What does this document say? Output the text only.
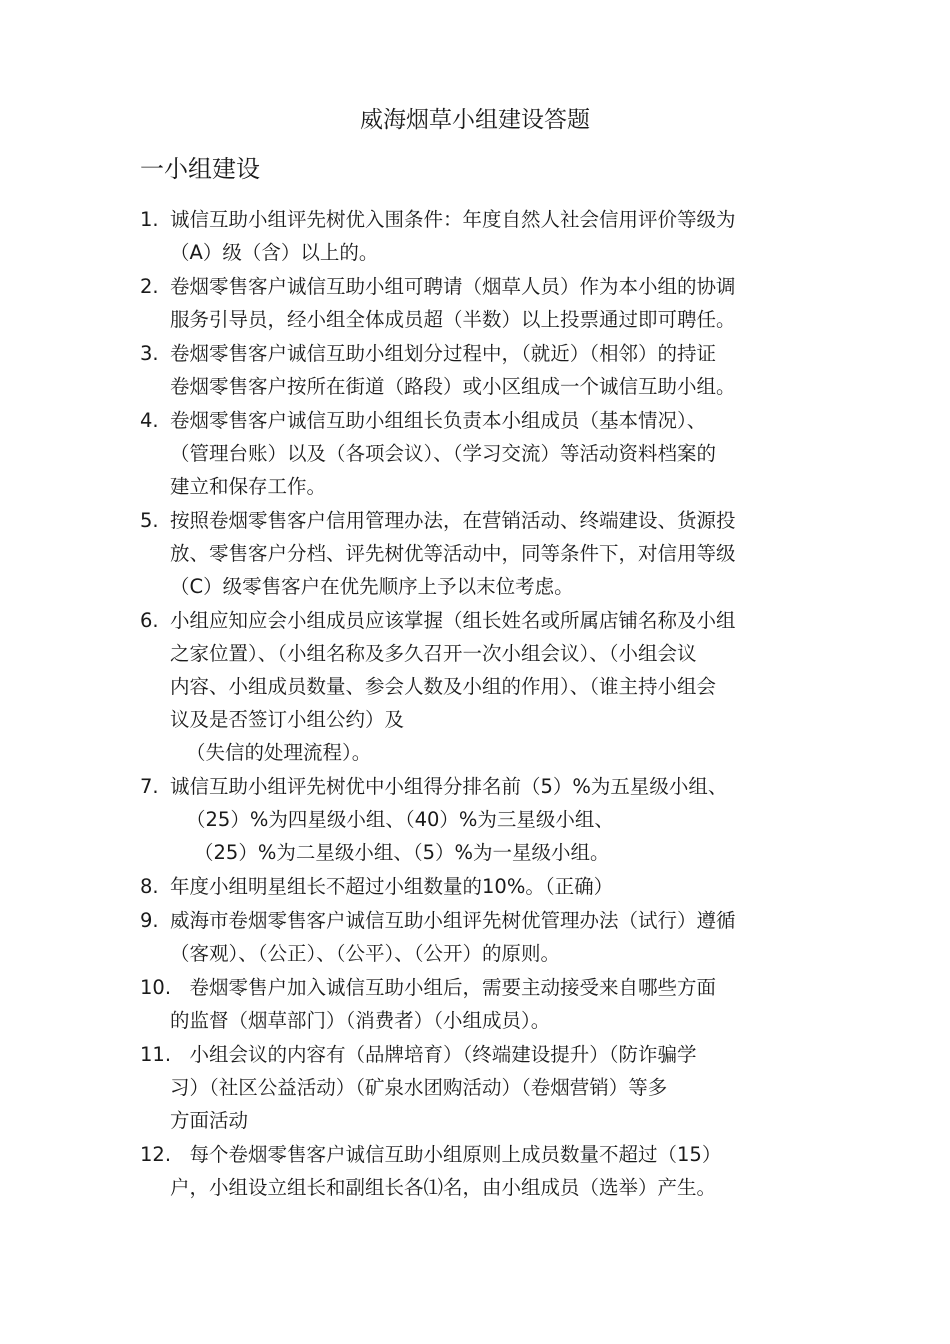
威海烟草小组建设答题
一小组建设
1. 诚信互助小组评先树优入围条件：年度自然人社会信用评价等级为
（A）级（含）以上的。
2. 卷烟零售客户诚信互助小组可聘请（烟草人员）作为本小组的协调
服务引导员，经小组全体成员超（半数）以上投票通过即可聘任。
3. 卷烟零售客户诚信互助小组划分过程中，（就近）（相邻）的持证
卷烟零售客户按所在街道（路段）或小区组成一个诚信互助小组。
4. 卷烟零售客户诚信互助小组组长负责本小组成员（基本情况）、
（管理台账）以及（各项会议）、（学习交流）等活动资料档案的
建立和保存工作。
5. 按照卷烟零售客户信用管理办法，在营销活动、终端建设、货源投
放、零售客户分档、评先树优等活动中，同等条件下，对信用等级
（C）级零售客户在优先顺序上予以末位考虑。
6. 小组应知应会小组成员应该掌握（组长姓名或所属店铺名称及小组
之家位置）、（小组名称及多久召开一次小组会议）、（小组会议
内容、小组成员数量、参会人数及小组的作用）、（谁主持小组会
议及是否签订小组公约）及
（失信的处理流程）。
7. 诚信互助小组评先树优中小组得分排名前（5）%为五星级小组、
（25）%为四星级小组、（40）%为三星级小组、
（25）%为二星级小组、（5）%为一星级小组。
8. 年度小组明星组长不超过小组数量的10%。（正确）
9. 威海市卷烟零售客户诚信互助小组评先树优管理办法（试行）遵循
（客观）、（公正）、（公平）、（公开）的原则。
10.
　卷烟零售户加入诚信互助小组后，需要主动接受来自哪些方面
的监督（烟草部门）（消费者）（小组成员）。
11.
　小组会议的内容有（品牌培育）（终端建设提升）（防诈骗学
习）（社区公益活动）（矿泉水团购活动）（卷烟营销）等多
方面活动
12.
　每个卷烟零售客户诚信互助小组原则上成员数量不超过（15）
户，小组设立组长和副组长各⑴名，由小组成员（选举）产生。
